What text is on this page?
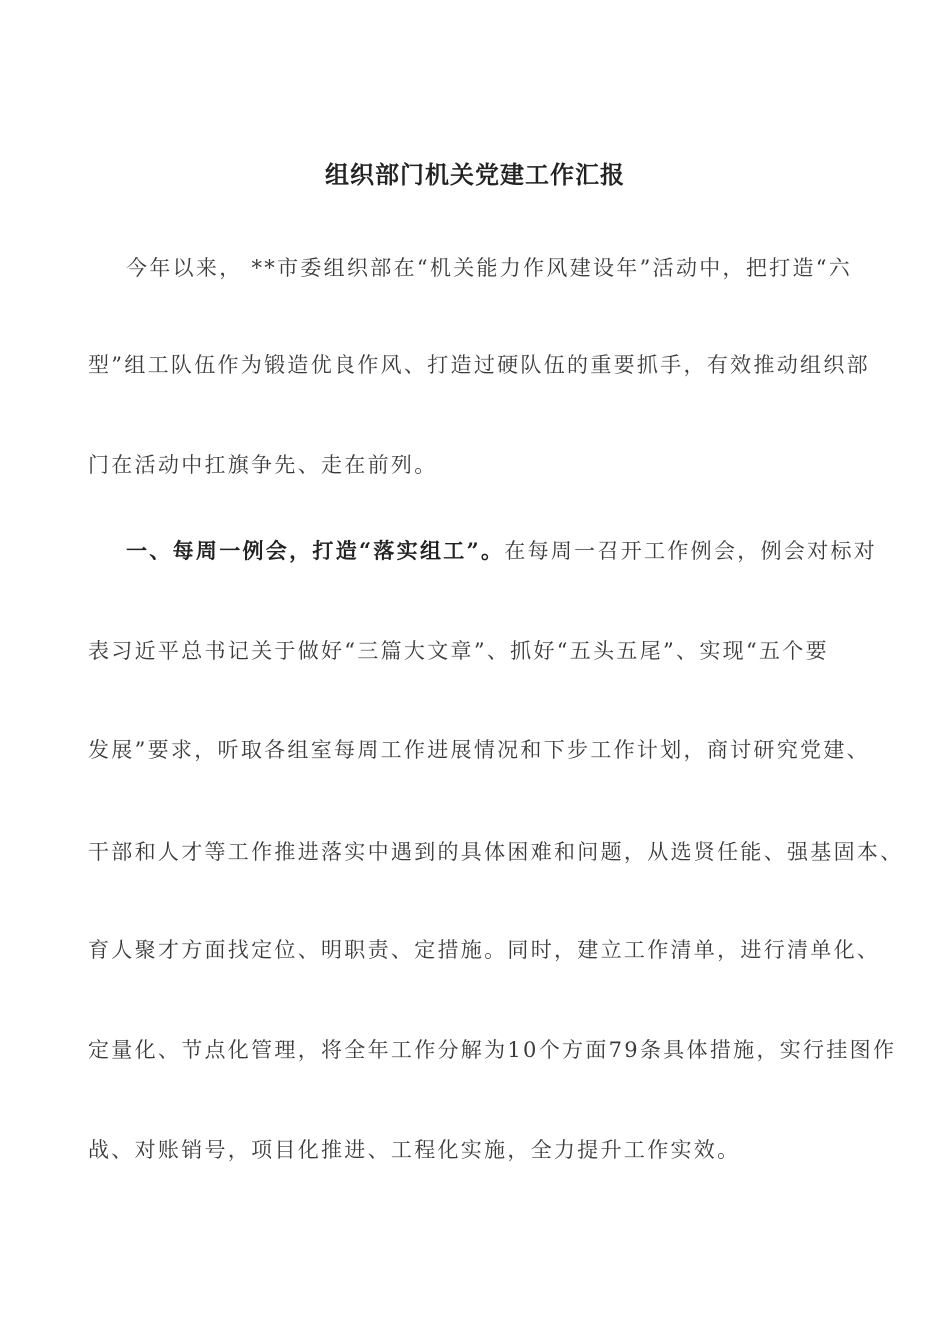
组织部门机关党建工作汇报
今年以来， **市委组织部在“机关能力作风建设年”活动中，把打造“六
型”组工队伍作为锻造优良作风、打造过硬队伍的重要抓手，有效推动组织部
门在活动中扛旗争先、走在前列。
一、每周一例会，打造“落实组工”。在每周一召开工作例会，例会对标对
表习近平总书记关于做好“三篇大文章”、抓好“五头五尾”、实现“五个要
发展”要求，听取各组室每周工作进展情况和下步工作计划，商讨研究党建、
干部和人才等工作推进落实中遇到的具体困难和问题，从选贤任能、强基固本、
育人聚才方面找定位、明职责、定措施。同时，建立工作清单，进行清单化、
定量化、节点化管理，将全年工作分解为10个方面79条具体措施，实行挂图作
战、对账销号，项目化推进、工程化实施，全力提升工作实效。
